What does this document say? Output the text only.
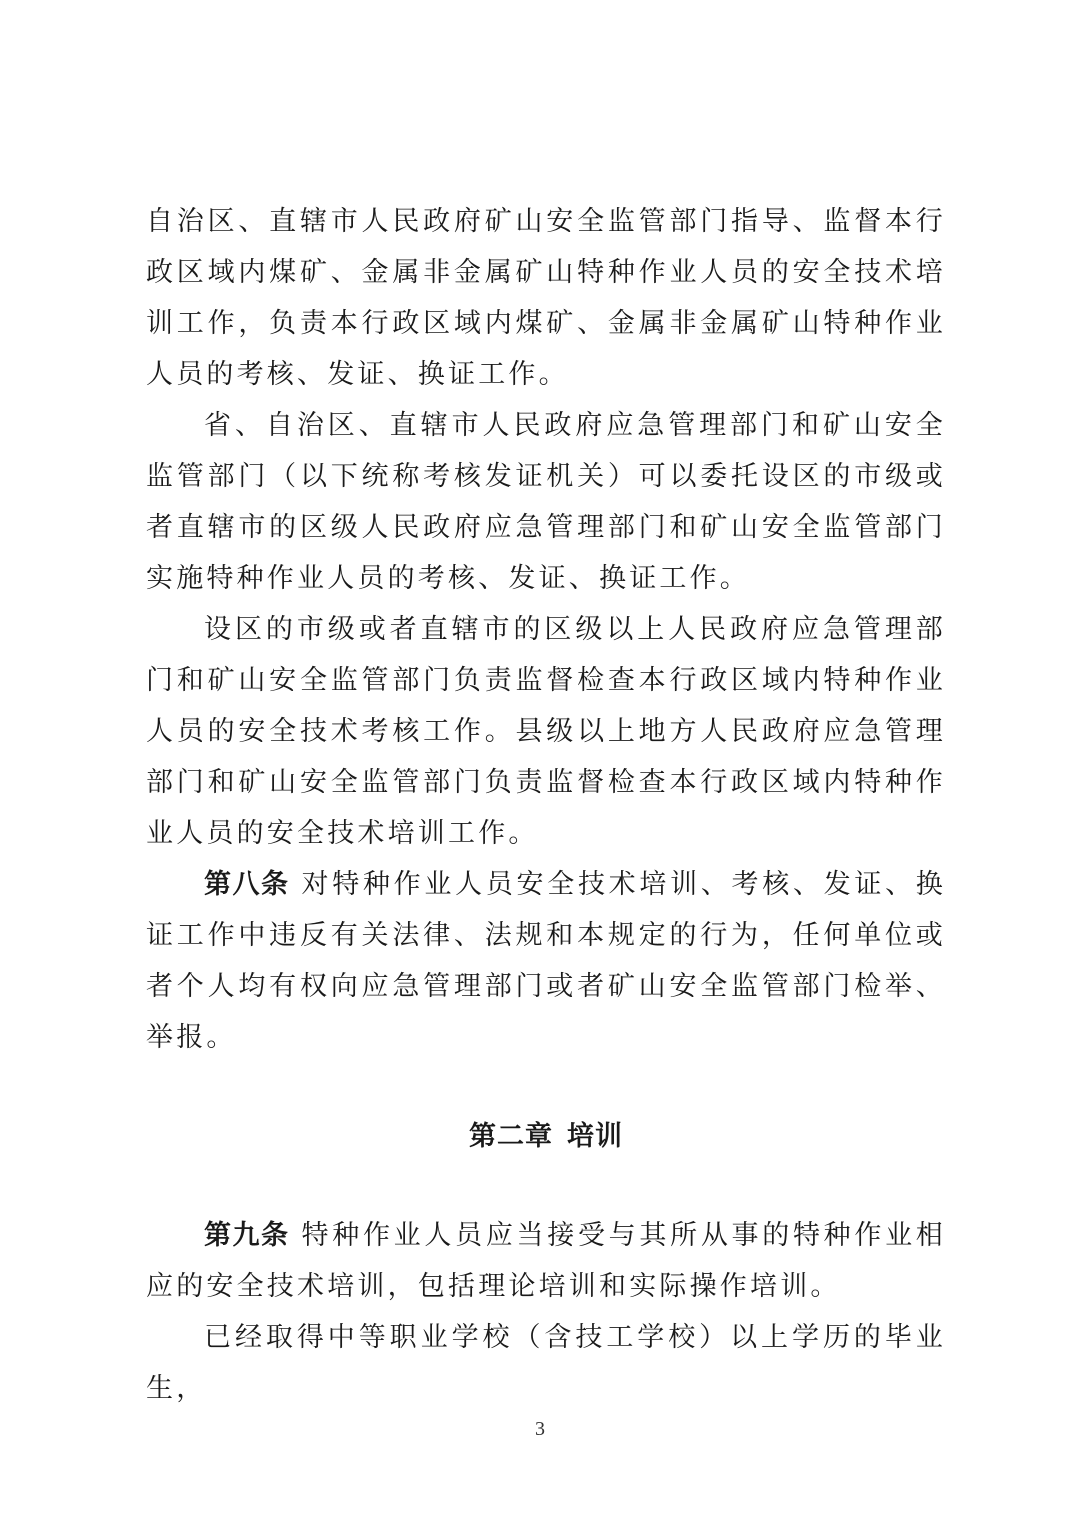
自治区、直辖市人民政府矿山安全监管部门指导、监督本行政区域内煤矿、金属非金属矿山特种作业人员的安全技术培训工作，负责本行政区域内煤矿、金属非金属矿山特种作业人员的考核、发证、换证工作。

省、自治区、直辖市人民政府应急管理部门和矿山安全监管部门（以下统称考核发证机关）可以委托设区的市级或者直辖市的区级人民政府应急管理部门和矿山安全监管部门实施特种作业人员的考核、发证、换证工作。

设区的市级或者直辖市的区级以上人民政府应急管理部门和矿山安全监管部门负责监督检查本行政区域内特种作业人员的安全技术考核工作。县级以上地方人民政府应急管理部门和矿山安全监管部门负责监督检查本行政区域内特种作业人员的安全技术培训工作。

第八条 对特种作业人员安全技术培训、考核、发证、换证工作中违反有关法律、法规和本规定的行为，任何单位或者个人均有权向应急管理部门或者矿山安全监管部门检举、举报。

第二章 培训

第九条 特种作业人员应当接受与其所从事的特种作业相应的安全技术培训，包括理论培训和实际操作培训。

已经取得中等职业学校（含技工学校）以上学历的毕业生，

3
